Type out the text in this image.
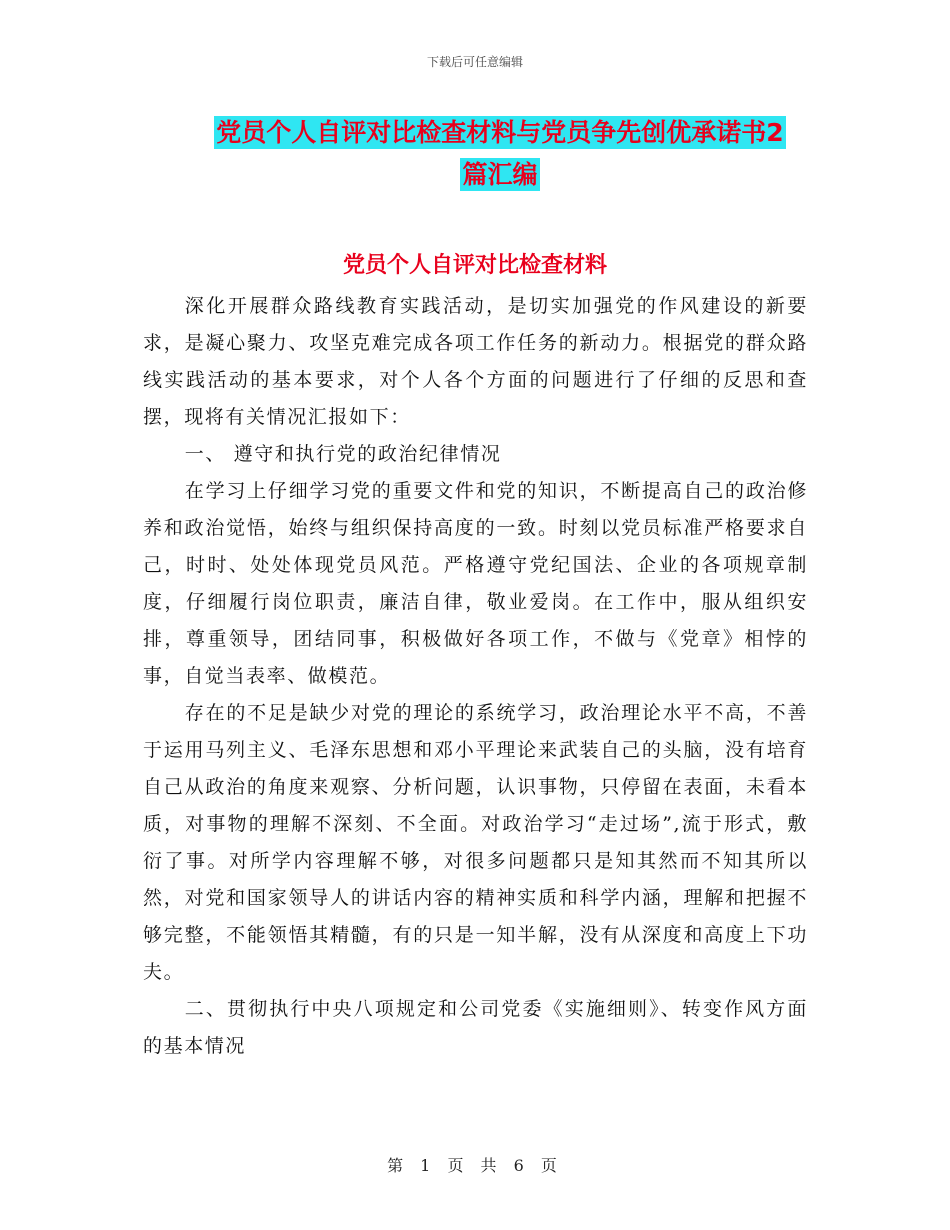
下载后可任意编辑
党员个人自评对比检查材料与党员争先创优承诺书2
篇汇编
党员个人自评对比检查材料

深化开展群众路线教育实践活动，是切实加强党的作风建设的新要求，是凝心聚力、攻坚克难完成各项工作任务的新动力。根据党的群众路线实践活动的基本要求，对个人各个方面的问题进行了仔细的反思和查摆，现将有关情况汇报如下：

一、 遵守和执行党的政治纪律情况

在学习上仔细学习党的重要文件和党的知识，不断提高自己的政治修养和政治觉悟，始终与组织保持高度的一致。时刻以党员标准严格要求自己，时时、处处体现党员风范。严格遵守党纪国法、企业的各项规章制度，仔细履行岗位职责，廉洁自律，敬业爱岗。在工作中，服从组织安排，尊重领导，团结同事，积极做好各项工作，不做与《党章》相悖的事，自觉当表率、做模范。

存在的不足是缺少对党的理论的系统学习，政治理论水平不高，不善于运用马列主义、毛泽东思想和邓小平理论来武装自己的头脑，没有培育自己从政治的角度来观察、分析问题，认识事物，只停留在表面，未看本质，对事物的理解不深刻、不全面。对政治学习“走过场”,流于形式，敷衍了事。对所学内容理解不够，对很多问题都只是知其然而不知其所以然，对党和国家领导人的讲话内容的精神实质和科学内涵，理解和把握不够完整，不能领悟其精髓，有的只是一知半解，没有从深度和高度上下功夫。

二、贯彻执行中央八项规定和公司党委《实施细则》、转变作风方面的基本情况

第 1 页 共 6 页
